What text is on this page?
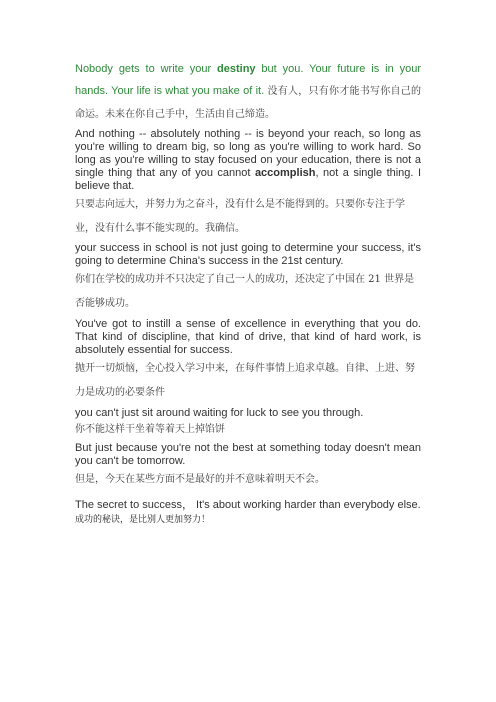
Nobody gets to write your destiny but you. Your future is in your hands. Your life is what you make of it. 没有人，只有你才能书写你自己的命运。未来在你自己手中，生活由自己缔造。

And nothing -- absolutely nothing -- is beyond your reach, so long as you're willing to dream big, so long as you're willing to work hard. So long as you're willing to stay focused on your education, there is not a single thing that any of you cannot accomplish, not a single thing. I believe that.

只要志向远大，并努力为之奋斗，没有什么是不能得到的。只要你专注于学业，没有什么事不能实现的。我确信。

your success in school is not just going to determine your success, it's going to determine China's success in the 21st century.

你们在学校的成功并不只决定了自己一人的成功，还决定了中国在 21 世界是否能够成功。

You've got to instill a sense of excellence in everything that you do. That kind of discipline, that kind of drive, that kind of hard work, is absolutely essential for success.

抛开一切烦恼，全心投入学习中来，在每件事情上追求卓越。自律、上进、努力是成功的必要条件

you can't just sit around waiting for luck to see you through.

你不能这样干坐着等着天上掉馅饼

But just because you're not the best at something today doesn't mean you can't be tomorrow.

但是，今天在某些方面不是最好的并不意味着明天不会。

The secret to success， It's about working harder than everybody else.

成功的秘诀，是比别人更加努力！
